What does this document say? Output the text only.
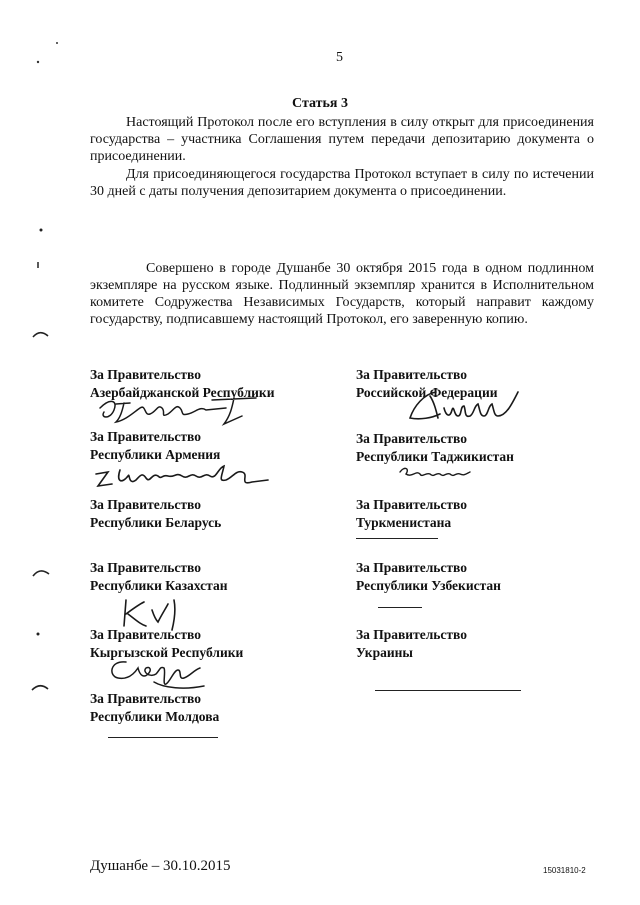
5
Статья 3

Настоящий Протокол после его вступления в силу открыт для присоединения государства – участника Соглашения путем передачи депозитарию документа о присоединении.

Для присоединяющегося государства Протокол вступает в силу по истечении 30 дней с даты получения депозитарием документа о присоединении.

Совершено в городе Душанбе 30 октября 2015 года в одном подлинном экземпляре на русском языке. Подлинный экземпляр хранится в Исполнительном комитете Содружества Независимых Государств, который направит каждому государству, подписавшему настоящий Протокол, его заверенную копию.

За Правительство
Азербайджанской Республики
За Правительство
Республики Армения
За Правительство
Республики Беларусь
За Правительство
Республики Казахстан
За Правительство
Кыргызской Республики
За Правительство
Республики Молдова
За Правительство
Российской Федерации
За Правительство
Республики Таджикистан
За Правительство
Туркменистана
За Правительство
Республики Узбекистан
За Правительство
Украины
Душанбе – 30.10.2015	15031810-2
